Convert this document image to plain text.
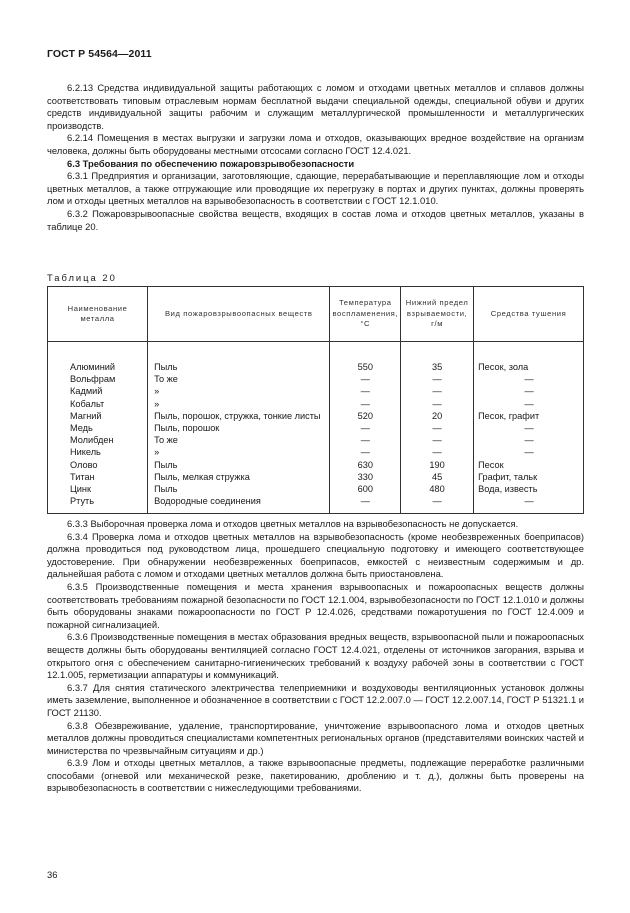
ГОСТ Р 54564—2011

6.2.13 Средства индивидуальной защиты работающих с ломом и отходами цветных металлов и сплавов должны соответствовать типовым отраслевым нормам бесплатной выдачи специальной одежды, специальной обуви и других средств индивидуальной защиты рабочим и служащим металлургической промышленности и металлургических производств.

6.2.14 Помещения в местах выгрузки и загрузки лома и отходов, оказывающих вредное воздействие на организм человека, должны быть оборудованы местными отсосами согласно ГОСТ 12.4.021.

6.3 Требования по обеспечению пожаровзрывобезопасности

6.3.1 Предприятия и организации, заготовляющие, сдающие, перерабатывающие и переплавляющие лом и отходы цветных металлов, а также отгружающие или проводящие их перегрузку в портах и других пунктах, должны проверять лом и отходы цветных металлов на взрывобезопасность в соответствии с ГОСТ 12.1.010.

6.3.2 Пожаровзрывоопасные свойства веществ, входящих в состав лома и отходов цветных металлов, указаны в таблице 20.

Таблица 20
Наименование металла	Вид пожаровзрывоопасных веществ	Температура воспламенения, °С	Нижний предел взрываемости, г/м	Средства тушения
Алюминий	Пыль	550	35	Песок, зола
Вольфрам	То же	—	—	—
Кадмий	»	—	—	—
Кобальт	»	—	—	—
Магний	Пыль, порошок, стружка, тонкие листы	520	20	Песок, графит
Медь	Пыль, порошок	—	—	—
Молибден	То же	—	—	—
Никель	»	—	—	—
Олово	Пыль	630	190	Песок
Титан	Пыль, мелкая стружка	330	45	Графит, тальк
Цинк	Пыль	600	480	Вода, известь
Ртуть	Водородные соединения	—	—	—

6.3.3 Выборочная проверка лома и отходов цветных металлов на взрывобезопасность не допускается.

6.3.4 Проверка лома и отходов цветных металлов на взрывобезопасность (кроме необезвреженных боеприпасов) должна проводиться под руководством лица, прошедшего специальную подготовку и имеющего соответствующее удостоверение. При обнаружении необезвреженных боеприпасов, емкостей с неизвестным содержимым и др. дальнейшая работа с ломом и отходами цветных металлов должна быть приостановлена.

6.3.5 Производственные помещения и места хранения взрывоопасных и пожароопасных веществ должны соответствовать требованиям пожарной безопасности по ГОСТ 12.1.004, взрывобезопасности по ГОСТ 12.1.010 и должны быть оборудованы знаками пожароопасности по ГОСТ Р 12.4.026, средствами пожаротушения по ГОСТ 12.4.009 и пожарной сигнализацией.

6.3.6 Производственные помещения в местах образования вредных веществ, взрывоопасной пыли и пожароопасных веществ должны быть оборудованы вентиляцией согласно ГОСТ 12.4.021, отделены от источников загорания, взрыва и открытого огня с обеспечением санитарно-гигиенических требований к воздуху рабочей зоны в соответствии с ГОСТ 12.1.005, герметизации аппаратуры и коммуникаций.

6.3.7 Для снятия статического электричества телеприемники и воздуховоды вентиляционных установок должны иметь заземление, выполненное и обозначенное в соответствии с ГОСТ 12.2.007.0 — ГОСТ 12.2.007.14, ГОСТ Р 51321.1 и ГОСТ 21130.

6.3.8 Обезвреживание, удаление, транспортирование, уничтожение взрывоопасного лома и отходов цветных металлов должны проводиться специалистами компетентных региональных органов (представителями воинских частей и министерства по чрезвычайным ситуациям и др.)

6.3.9 Лом и отходы цветных металлов, а также взрывоопасные предметы, подлежащие переработке различными способами (огневой или механической резке, пакетированию, дроблению и т. д.), должны быть проверены на взрывобезопасность в соответствии с нижеследующими требованиями.

36
